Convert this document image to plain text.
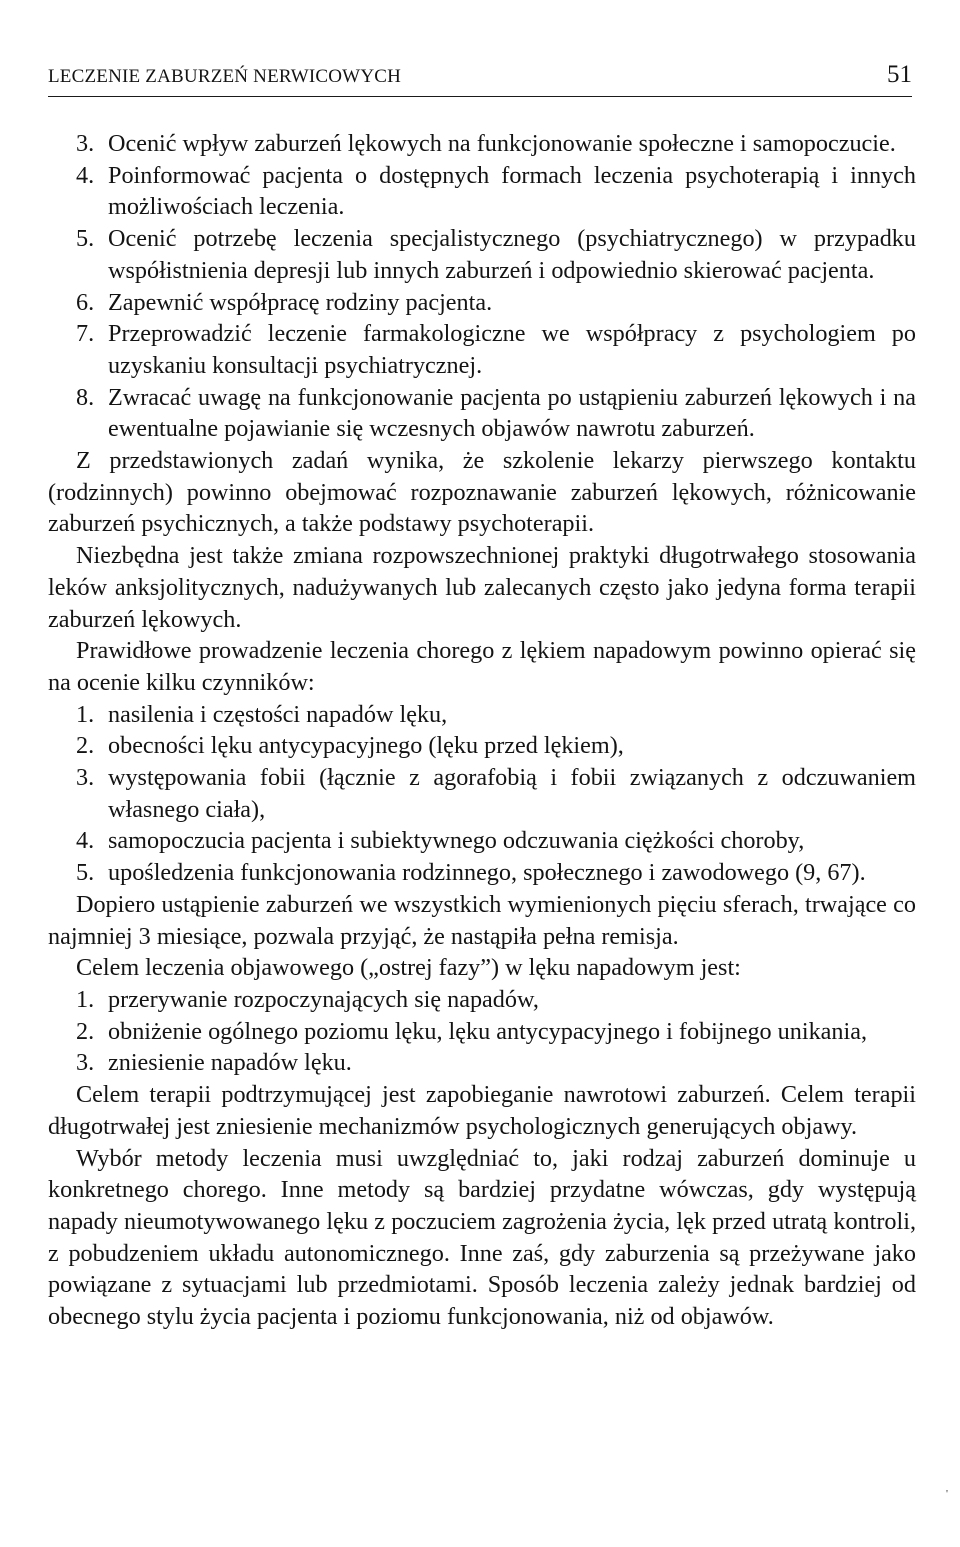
LECZENIE ZABURZEŃ NERWICOWYCH	51
3. Ocenić wpływ zaburzeń lękowych na funkcjonowanie społeczne i samopoczucie.
4. Poinformować pacjenta o dostępnych formach leczenia psychoterapią i innych możliwościach leczenia.
5. Ocenić potrzebę leczenia specjalistycznego (psychiatrycznego) w przypadku współistnienia depresji lub innych zaburzeń i odpowiednio skierować pacjenta.
6. Zapewnić współpracę rodziny pacjenta.
7. Przeprowadzić leczenie farmakologiczne we współpracy z psychologiem po uzyskaniu konsultacji psychiatrycznej.
8. Zwracać uwagę na funkcjonowanie pacjenta po ustąpieniu zaburzeń lękowych i na ewentualne pojawianie się wczesnych objawów nawrotu zaburzeń.

Z przedstawionych zadań wynika, że szkolenie lekarzy pierwszego kontaktu (rodzinnych) powinno obejmować rozpoznawanie zaburzeń lękowych, różnicowanie zaburzeń psychicznych, a także podstawy psychoterapii.

Niezbędna jest także zmiana rozpowszechnionej praktyki długotrwałego stosowania leków anksjolitycznych, nadużywanych lub zalecanych często jako jedyna forma terapii zaburzeń lękowych.

Prawidłowe prowadzenie leczenia chorego z lękiem napadowym powinno opierać się na ocenie kilku czynników:

1. nasilenia i częstości napadów lęku,
2. obecności lęku antycypacyjnego (lęku przed lękiem),
3. występowania fobii (łącznie z agorafobią i fobii związanych z odczuwaniem własnego ciała),
4. samopoczucia pacjenta i subiektywnego odczuwania ciężkości choroby,
5. upośledzenia funkcjonowania rodzinnego, społecznego i zawodowego (9, 67).

Dopiero ustąpienie zaburzeń we wszystkich wymienionych pięciu sferach, trwające co najmniej 3 miesiące, pozwala przyjąć, że nastąpiła pełna remisja.

Celem leczenia objawowego („ostrej fazy”) w lęku napadowym jest:

1. przerywanie rozpoczynających się napadów,
2. obniżenie ogólnego poziomu lęku, lęku antycypacyjnego i fobijnego unikania,
3. zniesienie napadów lęku.

Celem terapii podtrzymującej jest zapobieganie nawrotowi zaburzeń. Celem terapii długotrwałej jest zniesienie mechanizmów psychologicznych generujących objawy.

Wybór metody leczenia musi uwzględniać to, jaki rodzaj zaburzeń dominuje u konkretnego chorego. Inne metody są bardziej przydatne wówczas, gdy występują napady nieumotywowanego lęku z poczuciem zagrożenia życia, lęk przed utratą kontroli, z pobudzeniem układu autonomicznego. Inne zaś, gdy zaburzenia są przeżywane jako powiązane z sytuacjami lub przedmiotami. Sposób leczenia zależy jednak bardziej od obecnego stylu życia pacjenta i poziomu funkcjonowania, niż od objawów.

'
